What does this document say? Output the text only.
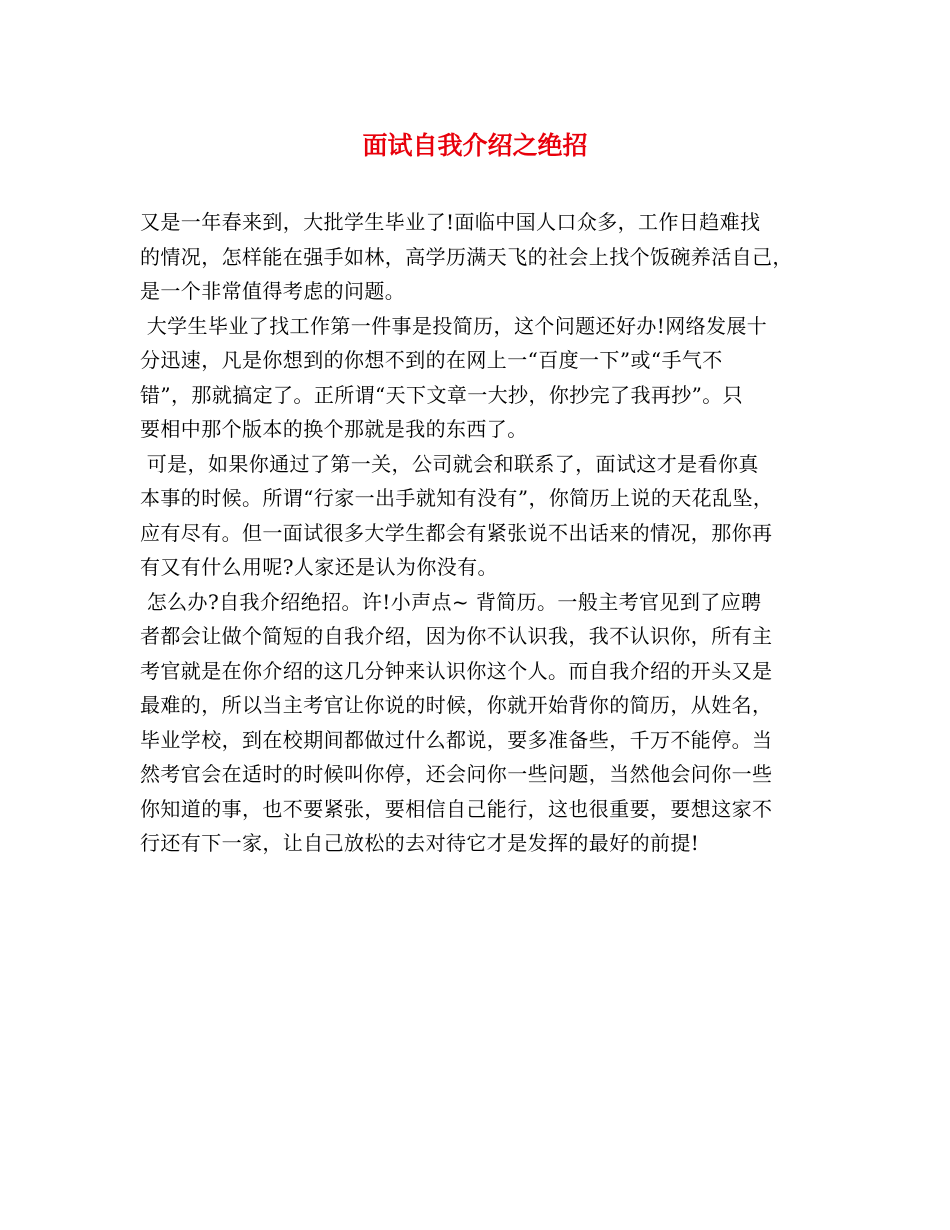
面试自我介绍之绝招
又是一年春来到，大批学生毕业了!面临中国人口众多，工作日趋难找
的情况，怎样能在强手如林，高学历满天飞的社会上找个饭碗养活自己，
是一个非常值得考虑的问题。
大学生毕业了找工作第一件事是投简历，这个问题还好办!网络发展十
分迅速，凡是你想到的你想不到的在网上一“百度一下”或“手气不
错”，那就搞定了。正所谓“天下文章一大抄，你抄完了我再抄”。只
要相中那个版本的换个那就是我的东西了。
可是，如果你通过了第一关，公司就会和联系了，面试这才是看你真
本事的时候。所谓“行家一出手就知有没有”，你简历上说的天花乱坠，
应有尽有。但一面试很多大学生都会有紧张说不出话来的情况，那你再
有又有什么用呢?人家还是认为你没有。
怎么办?自我介绍绝招。许!小声点~ 背简历。一般主考官见到了应聘
者都会让做个简短的自我介绍，因为你不认识我，我不认识你，所有主
考官就是在你介绍的这几分钟来认识你这个人。而自我介绍的开头又是
最难的，所以当主考官让你说的时候，你就开始背你的简历，从姓名，
毕业学校，到在校期间都做过什么都说，要多准备些，千万不能停。当
然考官会在适时的时候叫你停，还会问你一些问题，当然他会问你一些
你知道的事，也不要紧张，要相信自己能行，这也很重要，要想这家不
行还有下一家，让自己放松的去对待它才是发挥的最好的前提!
